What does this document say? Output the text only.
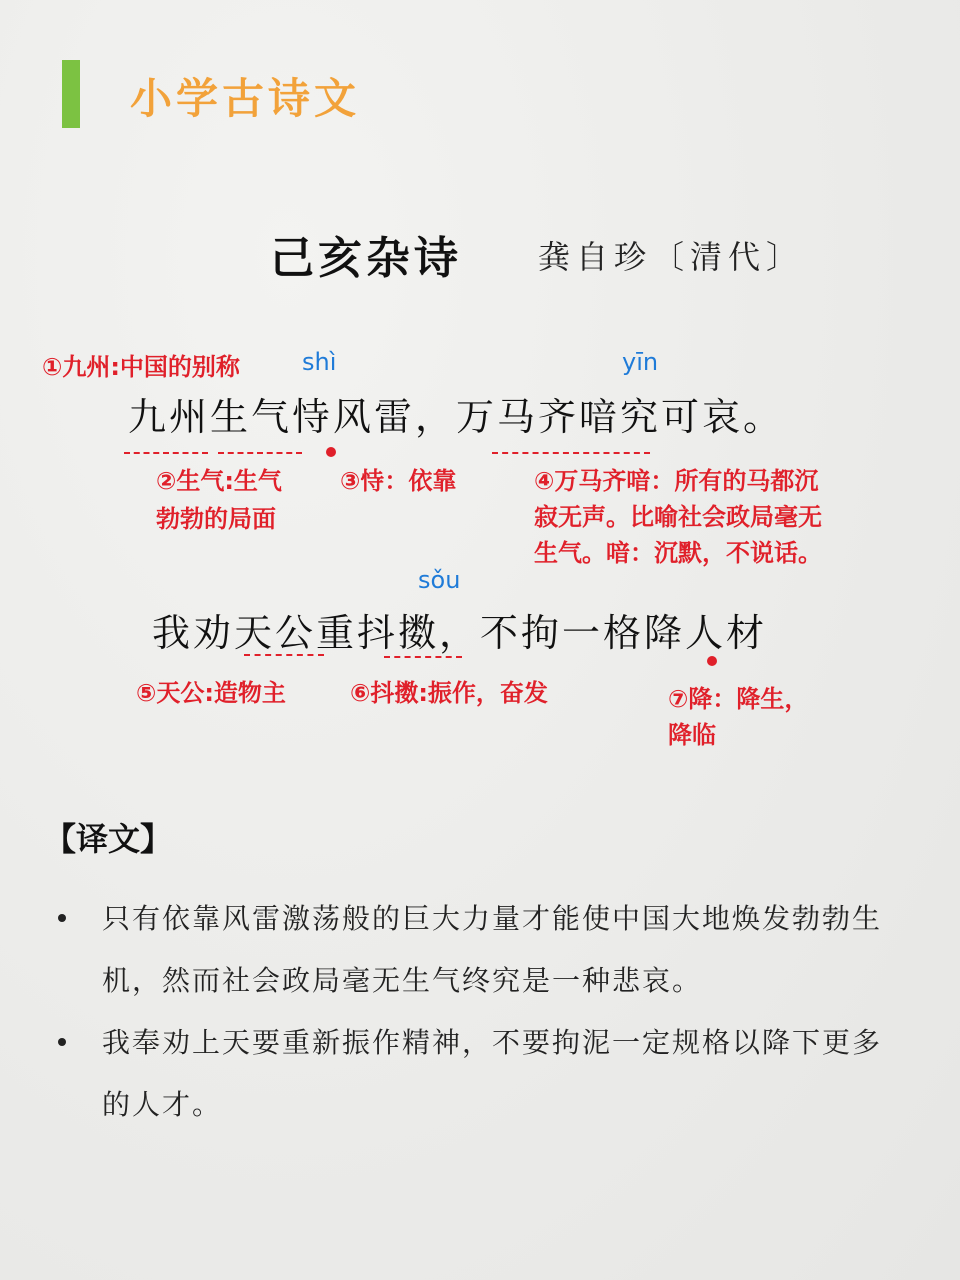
小学古诗文
己亥杂诗 龚自珍〔清代〕
①九州:中国的别称	shì	yīn
九州生气恃风雷，万马齐喑究可哀。
②生气:生气
勃勃的局面
③恃：依靠	④万马齐喑：所有的马都沉
寂无声。比喻社会政局毫无
生气。喑：沉默，不说话。
sǒu
我劝天公重抖擞，不拘一格降人材
⑤天公:造物主	⑥抖擞:振作，奋发	⑦降：降生，
降临
【译文】
只有依靠风雷激荡般的巨大力量才能使中国大地焕发勃勃生机，然而社会政局毫无生气终究是一种悲哀。
我奉劝上天要重新振作精神，不要拘泥一定规格以降下更多的人才。
